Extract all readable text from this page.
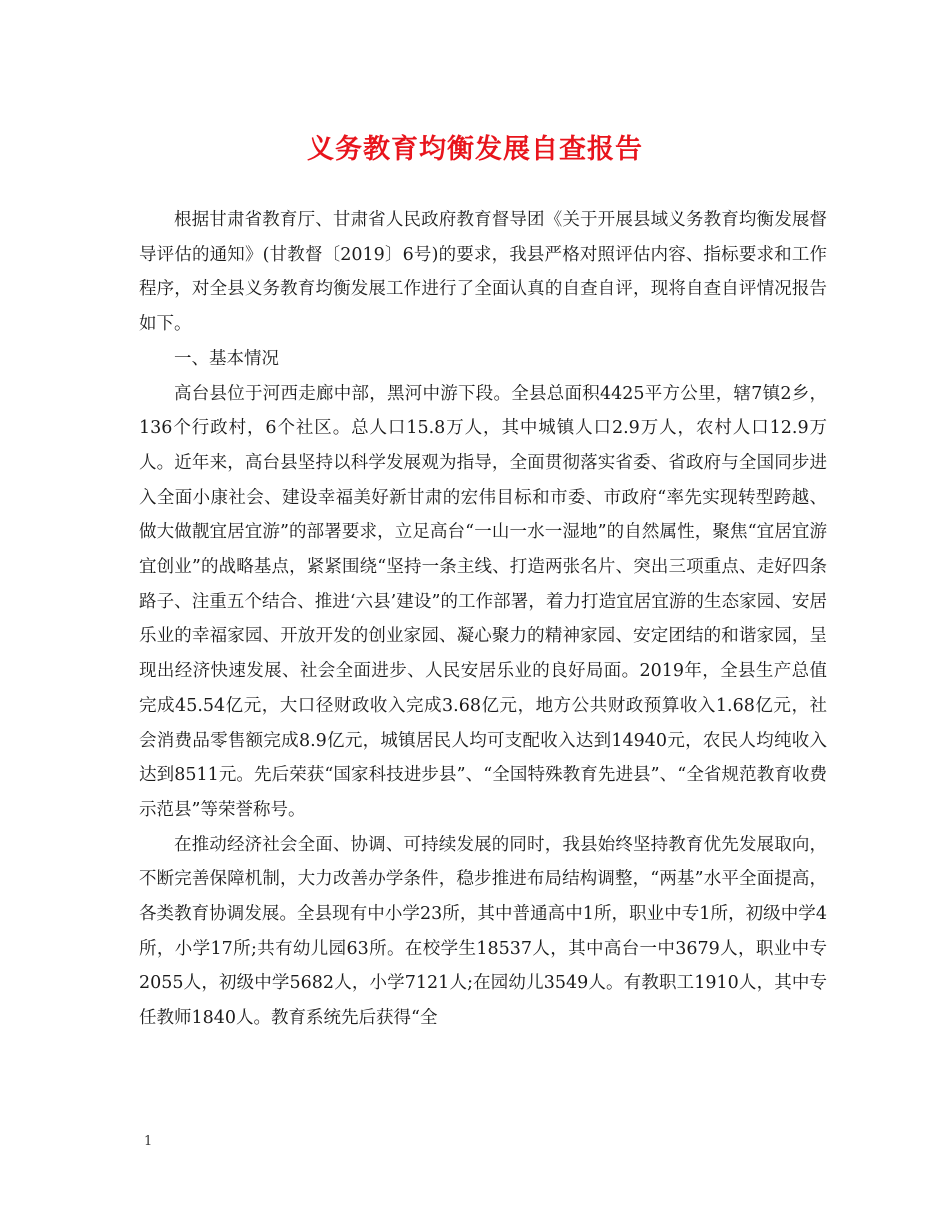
义务教育均衡发展自查报告

根据甘肃省教育厅、甘肃省人民政府教育督导团《关于开展县域义务教育均衡发展督导评估的通知》(甘教督〔2019〕6号)的要求，我县严格对照评估内容、指标要求和工作程序，对全县义务教育均衡发展工作进行了全面认真的自查自评，现将自查自评情况报告如下。

一、基本情况

高台县位于河西走廊中部，黑河中游下段。全县总面积4425平方公里，辖7镇2乡，136个行政村，6个社区。总人口15.8万人，其中城镇人口2.9万人，农村人口12.9万人。近年来，高台县坚持以科学发展观为指导，全面贯彻落实省委、省政府与全国同步进入全面小康社会、建设幸福美好新甘肃的宏伟目标和市委、市政府“率先实现转型跨越、做大做靓宜居宜游”的部署要求，立足高台“一山一水一湿地”的自然属性，聚焦“宜居宜游宜创业”的战略基点，紧紧围绕“坚持一条主线、打造两张名片、突出三项重点、走好四条路子、注重五个结合、推进‘六县’建设”的工作部署，着力打造宜居宜游的生态家园、安居乐业的幸福家园、开放开发的创业家园、凝心聚力的精神家园、安定团结的和谐家园，呈现出经济快速发展、社会全面进步、人民安居乐业的良好局面。2019年，全县生产总值完成45.54亿元，大口径财政收入完成3.68亿元，地方公共财政预算收入1.68亿元，社会消费品零售额完成8.9亿元，城镇居民人均可支配收入达到14940元，农民人均纯收入达到8511元。先后荣获“国家科技进步县”、“全国特殊教育先进县”、“全省规范教育收费示范县”等荣誉称号。

在推动经济社会全面、协调、可持续发展的同时，我县始终坚持教育优先发展取向，不断完善保障机制，大力改善办学条件，稳步推进布局结构调整，“两基”水平全面提高，各类教育协调发展。全县现有中小学23所，其中普通高中1所，职业中专1所，初级中学4所，小学17所;共有幼儿园63所。在校学生18537人，其中高台一中3679人，职业中专2055人，初级中学5682人，小学7121人;在园幼儿3549人。有教职工1910人，其中专任教师1840人。教育系统先后获得“全

1
